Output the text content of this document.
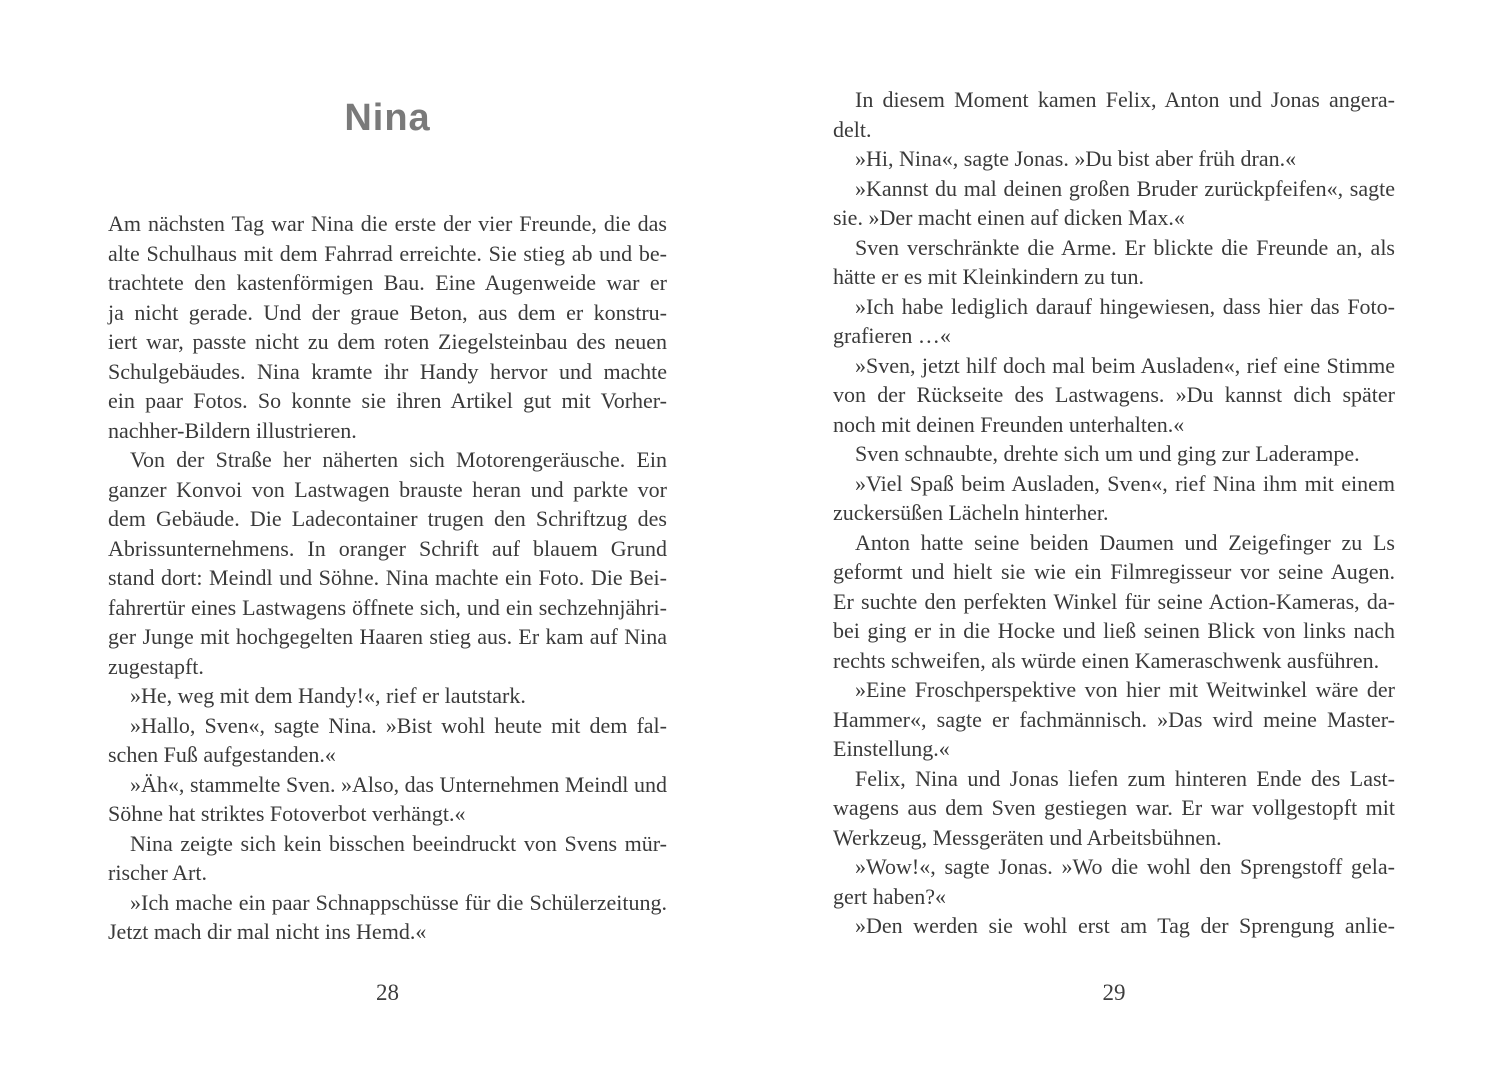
Nina
Am nächsten Tag war Nina die erste der vier Freunde, die das
alte Schulhaus mit dem Fahrrad erreichte. Sie stieg ab und be-
trachtete den kastenförmigen Bau. Eine Augenweide war er
ja nicht gerade. Und der graue Beton, aus dem er konstru-
iert war, passte nicht zu dem roten Ziegelsteinbau des neuen
Schulgebäudes. Nina kramte ihr Handy hervor und machte
ein paar Fotos. So konnte sie ihren Artikel gut mit Vorher-
nachher-Bildern illustrieren.
Von der Straße her näherten sich Motorengeräusche. Ein
ganzer Konvoi von Lastwagen brauste heran und parkte vor
dem Gebäude. Die Ladecontainer trugen den Schriftzug des
Abrissunternehmens. In oranger Schrift auf blauem Grund
stand dort: Meindl und Söhne. Nina machte ein Foto. Die Bei-
fahrertür eines Lastwagens öffnete sich, und ein sechzehnjähri-
ger Junge mit hochgegelten Haaren stieg aus. Er kam auf Nina
zugestapft.
»He, weg mit dem Handy!«, rief er lautstark.
»Hallo, Sven«, sagte Nina. »Bist wohl heute mit dem fal-
schen Fuß aufgestanden.«
»Äh«, stammelte Sven. »Also, das Unternehmen Meindl und
Söhne hat striktes Fotoverbot verhängt.«
Nina zeigte sich kein bisschen beeindruckt von Svens mür-
rischer Art.
»Ich mache ein paar Schnappschüsse für die Schülerzeitung.
Jetzt mach dir mal nicht ins Hemd.«
28
In diesem Moment kamen Felix, Anton und Jonas angera-
delt.
»Hi, Nina«, sagte Jonas. »Du bist aber früh dran.«
»Kannst du mal deinen großen Bruder zurückpfeifen«, sagte
sie. »Der macht einen auf dicken Max.«
Sven verschränkte die Arme. Er blickte die Freunde an, als
hätte er es mit Kleinkindern zu tun.
»Ich habe lediglich darauf hingewiesen, dass hier das Foto-
grafieren …«
»Sven, jetzt hilf doch mal beim Ausladen«, rief eine Stimme
von der Rückseite des Lastwagens. »Du kannst dich später
noch mit deinen Freunden unterhalten.«
Sven schnaubte, drehte sich um und ging zur Laderampe.
»Viel Spaß beim Ausladen, Sven«, rief Nina ihm mit einem
zuckersüßen Lächeln hinterher.
Anton hatte seine beiden Daumen und Zeigefinger zu Ls
geformt und hielt sie wie ein Filmregisseur vor seine Augen.
Er suchte den perfekten Winkel für seine Action-Kameras, da-
bei ging er in die Hocke und ließ seinen Blick von links nach
rechts schweifen, als würde einen Kameraschwenk ausführen.
»Eine Froschperspektive von hier mit Weitwinkel wäre der
Hammer«, sagte er fachmännisch. »Das wird meine Master-
Einstellung.«
Felix, Nina und Jonas liefen zum hinteren Ende des Last-
wagens aus dem Sven gestiegen war. Er war vollgestopft mit
Werkzeug, Messgeräten und Arbeitsbühnen.
»Wow!«, sagte Jonas. »Wo die wohl den Sprengstoff gela-
gert haben?«
»Den werden sie wohl erst am Tag der Sprengung anlie-
29
